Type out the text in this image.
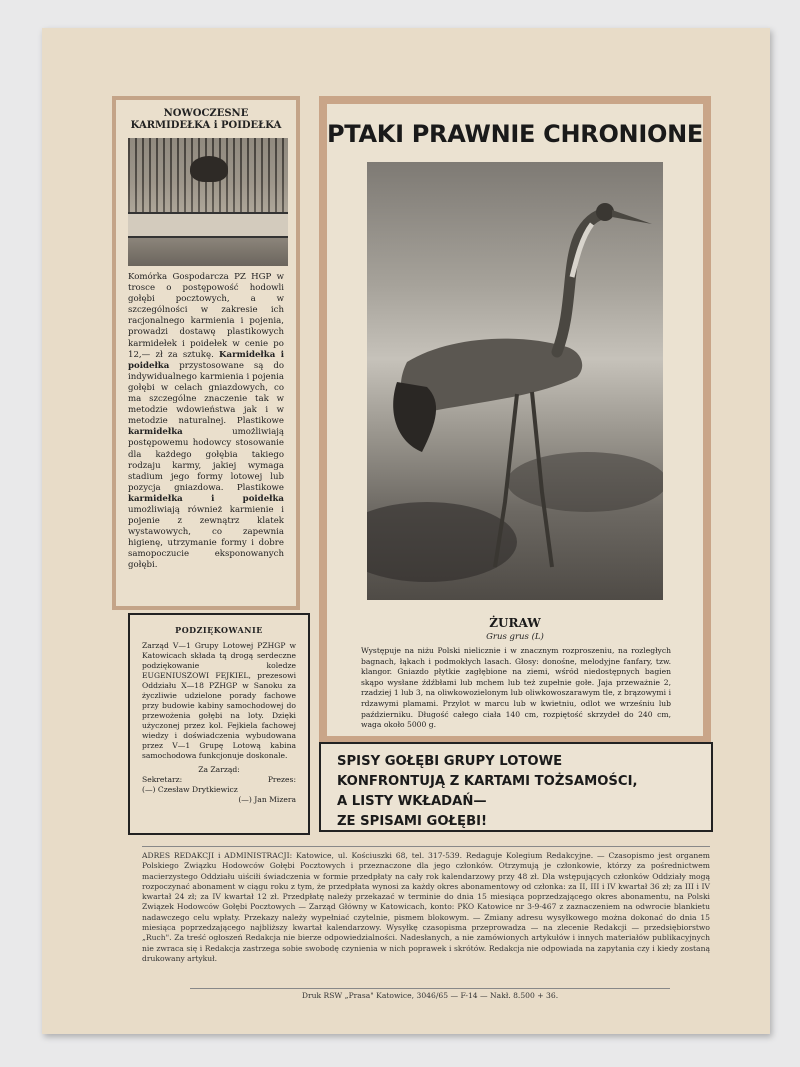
NOWOCZESNE
KARMIDEŁKA i POIDEŁKA
Komórka Gospodarcza PZ HGP w trosce o postępowość hodowli gołębi pocztowych, a w szczególności w zakresie ich racjonalnego karmienia i pojenia, prowadzi dostawę plastikowych karmidełek i poidełek w cenie po 12,— zł za sztukę. Karmidełka i poidełka przystosowane są do indywidualnego karmienia i pojenia gołębi w celach gniazdowych, co ma szczególne znaczenie tak w metodzie wdowieństwa jak i w metodzie naturalnej. Plastikowe karmidełka umożliwiają postępowemu hodowcy stosowanie dla każdego gołębia takiego rodzaju karmy, jakiej wymaga stadium jego formy lotowej lub pozycja gniazdowa. Plastikowe karmidełka i poidełka umożliwiają również karmienie i pojenie z zewnątrz klatek wystawowych, co zapewnia higienę, utrzymanie formy i dobre samopoczucie eksponowanych gołębi.
PODZIĘKOWANIE
Zarząd V—1 Grupy Lotowej PZHGP w Katowicach składa tą drogą serdeczne podziękowanie koledze EUGENIUSZOWI FEJKIEL, prezesowi Oddziału X—18 PZHGP w Sanoku za życzliwie udzielone porady fachowe przy budowie kabiny samochodowej do przewożenia gołębi na loty. Dzięki użyczonej przez kol. Fejkiela fachowej wiedzy i doświadczenia wybudowana przez V—1 Grupę Lotową kabina samochodowa funkcjonuje doskonale.
Za Zarząd:
Sekretarz:	Prezes:
(—) Czesław Drytkiewicz
(—) Jan Mizera
PTAKI PRAWNIE CHRONIONE
ŻURAW
Grus grus (L)
Występuje na niżu Polski nielicznie i w znacznym rozproszeniu, na rozległych bagnach, łąkach i podmokłych lasach. Głosy: donośne, melodyjne fanfary, tzw. klangor. Gniazdo płytkie zagłębione na ziemi, wśród niedostępnych bagien skąpo wysłane źdźbłami lub mchem lub też zupełnie gołe. Jaja przeważnie 2, rzadziej 1 lub 3, na oliwkowozielonym lub oliwkowoszarawym tle, z brązowymi i rdzawymi plamami. Przylot w marcu lub w kwietniu, odlot we wrześniu lub październiku. Długość całego ciała 140 cm, rozpiętość skrzydeł do 240 cm, waga około 5000 g.
SPISY GOŁĘBI GRUPY LOTOWE
KONFRONTUJĄ Z KARTAMI TOŻSAMOŚCI,
A LISTY WKŁADAŃ—
ZE SPISAMI GOŁĘBI!
ADRES REDAKCJI i ADMINISTRACJI: Katowice, ul. Kościuszki 68, tel. 317-539. Redaguje Kolegium Redakcyjne. — Czasopismo jest organem Polskiego Związku Hodowców Gołębi Pocztowych i przeznaczone dla jego członków. Otrzymują je członkowie, którzy za pośrednictwem macierzystego Oddziału uiściłi świadczenia w formie przedpłaty na cały rok kalendarzowy przy 48 zł. Dla wstępujących członków Oddziały mogą rozpoczynać abonament w ciągu roku z tym, że przedpłata wynosi za każdy okres abonamentowy od członka: za II, III i IV kwartał 36 zł; za III i IV kwartał 24 zł; za IV kwartał 12 zł. Przedpłatę należy przekazać w terminie do dnia 15 miesiąca poprzedzającego okres abonamentu, na Polski Związek Hodowców Gołębi Pocztowych — Zarząd Główny w Katowicach, konto: PKO Katowice nr 3-9-467 z zaznaczeniem na odwrocie blankietu nadawczego celu wpłaty. Przekazy należy wypełniać czytelnie, pismem blokowym. — Zmiany adresu wysyłkowego można dokonać do dnia 15 miesiąca poprzedzającego najbliższy kwartał kalendarzowy. Wysyłkę czasopisma przeprowadza — na zlecenie Redakcji — przedsiębiorstwo „Ruch". Za treść ogłoszeń Redakcja nie bierze odpowiedzialności. Nadesłanych, a nie zamówionych artykułów i innych materiałów publikacyjnych nie zwraca się i Redakcja zastrzega sobie swobodę czynienia w nich poprawek i skrótów. Redakcja nie odpowiada na zapytania czy i kiedy zostaną drukowany artykuł.
Druk RSW „Prasa" Katowice, 3046/65 — F-14 — Nakł. 8.500 + 36.
